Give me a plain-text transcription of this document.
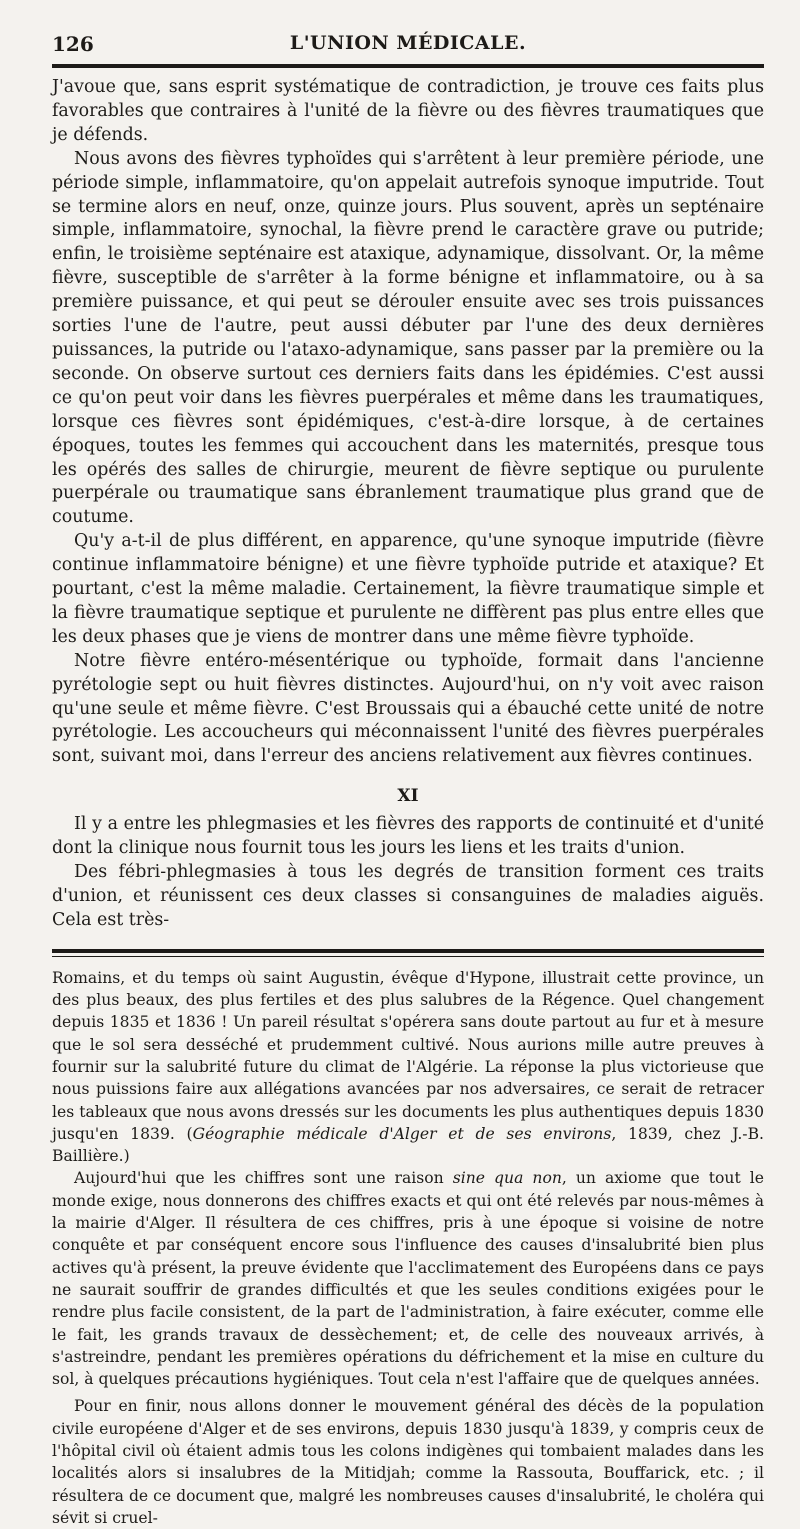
126	L'UNION MÉDICALE.

J'avoue que, sans esprit systématique de contradiction, je trouve ces faits plus favorables que contraires à l'unité de la fièvre ou des fièvres traumatiques que je défends.

Nous avons des fièvres typhoïdes qui s'arrêtent à leur première période, une période simple, inflammatoire, qu'on appelait autrefois synoque imputride. Tout se termine alors en neuf, onze, quinze jours. Plus souvent, après un septénaire simple, inflammatoire, synochal, la fièvre prend le caractère grave ou putride; enfin, le troisième septénaire est ataxique, adynamique, dissolvant. Or, la même fièvre, susceptible de s'arrêter à la forme bénigne et inflammatoire, ou à sa première puissance, et qui peut se dérouler ensuite avec ses trois puissances sorties l'une de l'autre, peut aussi débuter par l'une des deux dernières puissances, la putride ou l'ataxo-adynamique, sans passer par la première ou la seconde. On observe surtout ces derniers faits dans les épidémies. C'est aussi ce qu'on peut voir dans les fièvres puerpérales et même dans les traumatiques, lorsque ces fièvres sont épidémiques, c'est-à-dire lorsque, à de certaines époques, toutes les femmes qui accouchent dans les maternités, presque tous les opérés des salles de chirurgie, meurent de fièvre septique ou purulente puerpérale ou traumatique sans ébranlement traumatique plus grand que de coutume.

Qu'y a-t-il de plus différent, en apparence, qu'une synoque imputride (fièvre continue inflammatoire bénigne) et une fièvre typhoïde putride et ataxique? Et pourtant, c'est la même maladie. Certainement, la fièvre traumatique simple et la fièvre traumatique septique et purulente ne diffèrent pas plus entre elles que les deux phases que je viens de montrer dans une même fièvre typhoïde.

Notre fièvre entéro-mésentérique ou typhoïde, formait dans l'ancienne pyrétologie sept ou huit fièvres distinctes. Aujourd'hui, on n'y voit avec raison qu'une seule et même fièvre. C'est Broussais qui a ébauché cette unité de notre pyrétologie. Les accoucheurs qui méconnaissent l'unité des fièvres puerpérales sont, suivant moi, dans l'erreur des anciens relativement aux fièvres continues.

XI

Il y a entre les phlegmasies et les fièvres des rapports de continuité et d'unité dont la clinique nous fournit tous les jours les liens et les traits d'union.

Des fébri-phlegmasies à tous les degrés de transition forment ces traits d'union, et réunissent ces deux classes si consanguines de maladies aiguës. Cela est très-

Romains, et du temps où saint Augustin, évêque d'Hypone, illustrait cette province, un des plus beaux, des plus fertiles et des plus salubres de la Régence. Quel changement depuis 1835 et 1836 ! Un pareil résultat s'opérera sans doute partout au fur et à mesure que le sol sera desséché et prudemment cultivé. Nous aurions mille autre preuves à fournir sur la salubrité future du climat de l'Algérie. La réponse la plus victorieuse que nous puissions faire aux allégations avancées par nos adversaires, ce serait de retracer les tableaux que nous avons dressés sur les documents les plus authentiques depuis 1830 jusqu'en 1839. (Géographie médicale d'Alger et de ses environs, 1839, chez J.-B. Baillière.)

Aujourd'hui que les chiffres sont une raison sine qua non, un axiome que tout le monde exige, nous donnerons des chiffres exacts et qui ont été relevés par nous-mêmes à la mairie d'Alger. Il résultera de ces chiffres, pris à une époque si voisine de notre conquête et par conséquent encore sous l'influence des causes d'insalubrité bien plus actives qu'à présent, la preuve évidente que l'acclimatement des Européens dans ce pays ne saurait souffrir de grandes difficultés et que les seules conditions exigées pour le rendre plus facile consistent, de la part de l'administration, à faire exécuter, comme elle le fait, les grands travaux de dessèchement; et, de celle des nouveaux arrivés, à s'astreindre, pendant les premières opérations du défrichement et la mise en culture du sol, à quelques précautions hygiéniques. Tout cela n'est l'affaire que de quelques années.

Pour en finir, nous allons donner le mouvement général des décès de la population civile européene d'Alger et de ses environs, depuis 1830 jusqu'à 1839, y compris ceux de l'hôpital civil où étaient admis tous les colons indigènes qui tombaient malades dans les localités alors si insalubres de la Mitidjah; comme la Rassouta, Bouffarick, etc. ; il résultera de ce document que, malgré les nombreuses causes d'insalubrité, le choléra qui sévit si cruel-
